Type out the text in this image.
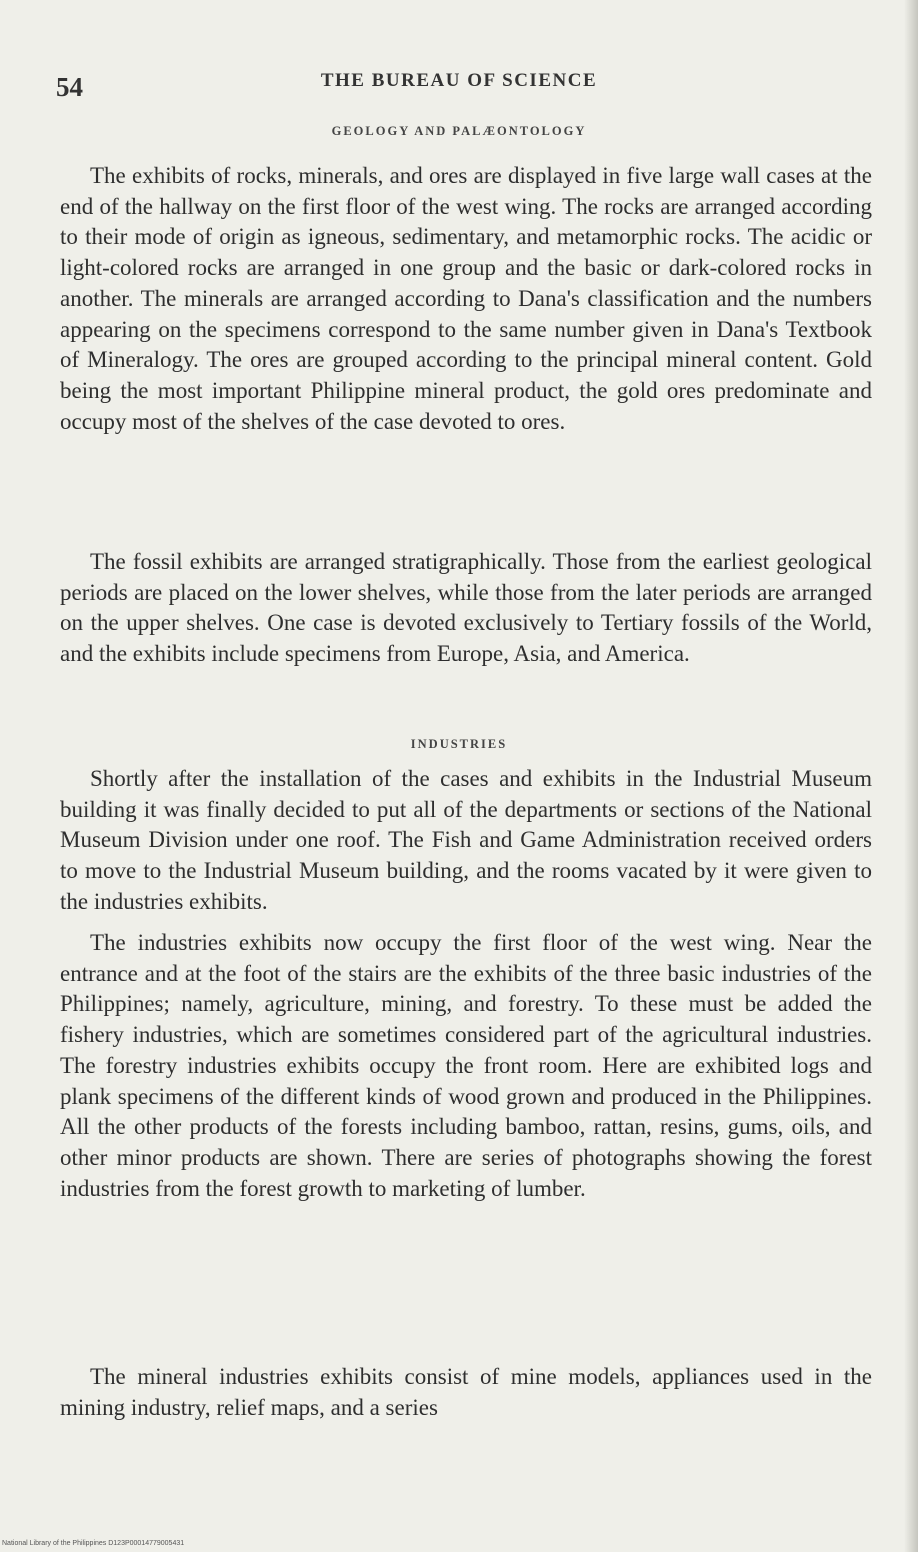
54	THE BUREAU OF SCIENCE
GEOLOGY AND PALÆONTOLOGY

The exhibits of rocks, minerals, and ores are displayed in five large wall cases at the end of the hallway on the first floor of the west wing. The rocks are arranged according to their mode of origin as igneous, sedimentary, and metamorphic rocks. The acidic or light-colored rocks are arranged in one group and the basic or dark-colored rocks in another. The minerals are arranged according to Dana's classification and the numbers appearing on the specimens correspond to the same number given in Dana's Textbook of Mineralogy. The ores are grouped according to the principal mineral content. Gold being the most important Philippine mineral product, the gold ores predominate and occupy most of the shelves of the case devoted to ores.

The fossil exhibits are arranged stratigraphically. Those from the earliest geological periods are placed on the lower shelves, while those from the later periods are arranged on the upper shelves. One case is devoted exclusively to Tertiary fossils of the World, and the exhibits include specimens from Europe, Asia, and America.

INDUSTRIES

Shortly after the installation of the cases and exhibits in the Industrial Museum building it was finally decided to put all of the departments or sections of the National Museum Division under one roof. The Fish and Game Administration received orders to move to the Industrial Museum building, and the rooms vacated by it were given to the industries exhibits.

The industries exhibits now occupy the first floor of the west wing. Near the entrance and at the foot of the stairs are the exhibits of the three basic industries of the Philippines; namely, agriculture, mining, and forestry. To these must be added the fishery industries, which are sometimes considered part of the agricultural industries. The forestry industries exhibits occupy the front room. Here are exhibited logs and plank specimens of the different kinds of wood grown and produced in the Philippines. All the other products of the forests including bamboo, rattan, resins, gums, oils, and other minor products are shown. There are series of photographs showing the forest industries from the forest growth to marketing of lumber.

The mineral industries exhibits consist of mine models, appliances used in the mining industry, relief maps, and a series

National Library of the Philippines D123P00014779005431
